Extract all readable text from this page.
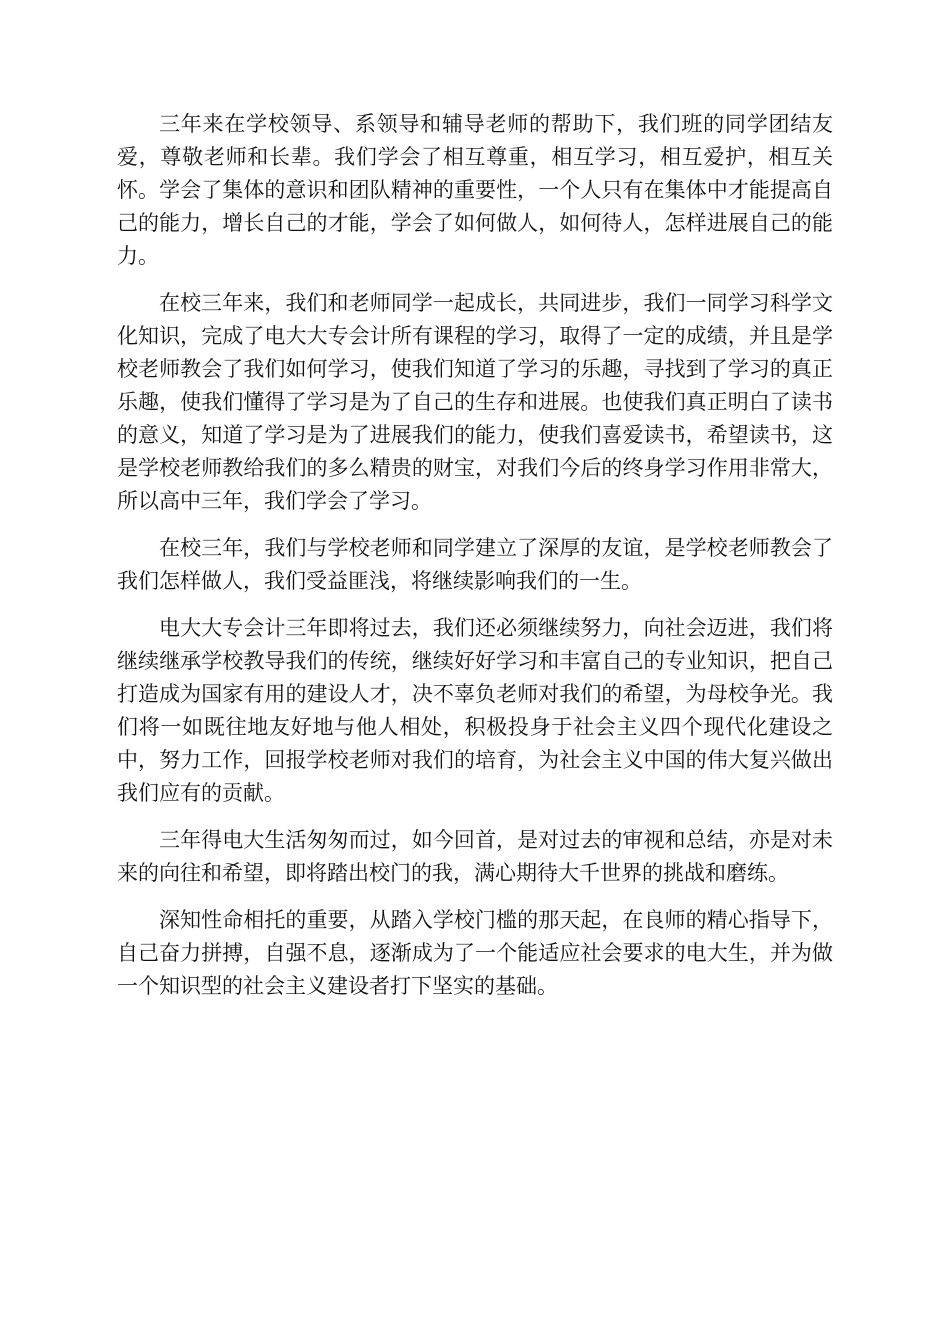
三年来在学校领导、系领导和辅导老师的帮助下，我们班的同学团结友爱，尊敬老师和长辈。我们学会了相互尊重，相互学习，相互爱护，相互关怀。学会了集体的意识和团队精神的重要性，一个人只有在集体中才能提高自己的能力，增长自己的才能，学会了如何做人，如何待人，怎样进展自己的能力。

在校三年来，我们和老师同学一起成长，共同进步，我们一同学习科学文化知识，完成了电大大专会计所有课程的学习，取得了一定的成绩，并且是学校老师教会了我们如何学习，使我们知道了学习的乐趣，寻找到了学习的真正乐趣，使我们懂得了学习是为了自己的生存和进展。也使我们真正明白了读书的意义，知道了学习是为了进展我们的能力，使我们喜爱读书，希望读书，这是学校老师教给我们的多么精贵的财宝，对我们今后的终身学习作用非常大，所以高中三年，我们学会了学习。

在校三年，我们与学校老师和同学建立了深厚的友谊，是学校老师教会了我们怎样做人，我们受益匪浅，将继续影响我们的一生。

电大大专会计三年即将过去，我们还必须继续努力，向社会迈进，我们将继续继承学校教导我们的传统，继续好好学习和丰富自己的专业知识，把自己打造成为国家有用的建设人才，决不辜负老师对我们的希望，为母校争光。我们将一如既往地友好地与他人相处，积极投身于社会主义四个现代化建设之中，努力工作，回报学校老师对我们的培育，为社会主义中国的伟大复兴做出我们应有的贡献。

三年得电大生活匆匆而过，如今回首，是对过去的审视和总结，亦是对未来的向往和希望，即将踏出校门的我，满心期待大千世界的挑战和磨练。

深知性命相托的重要，从踏入学校门槛的那天起，在良师的精心指导下，自己奋力拼搏，自强不息，逐渐成为了一个能适应社会要求的电大生，并为做一个知识型的社会主义建设者打下坚实的基础。
